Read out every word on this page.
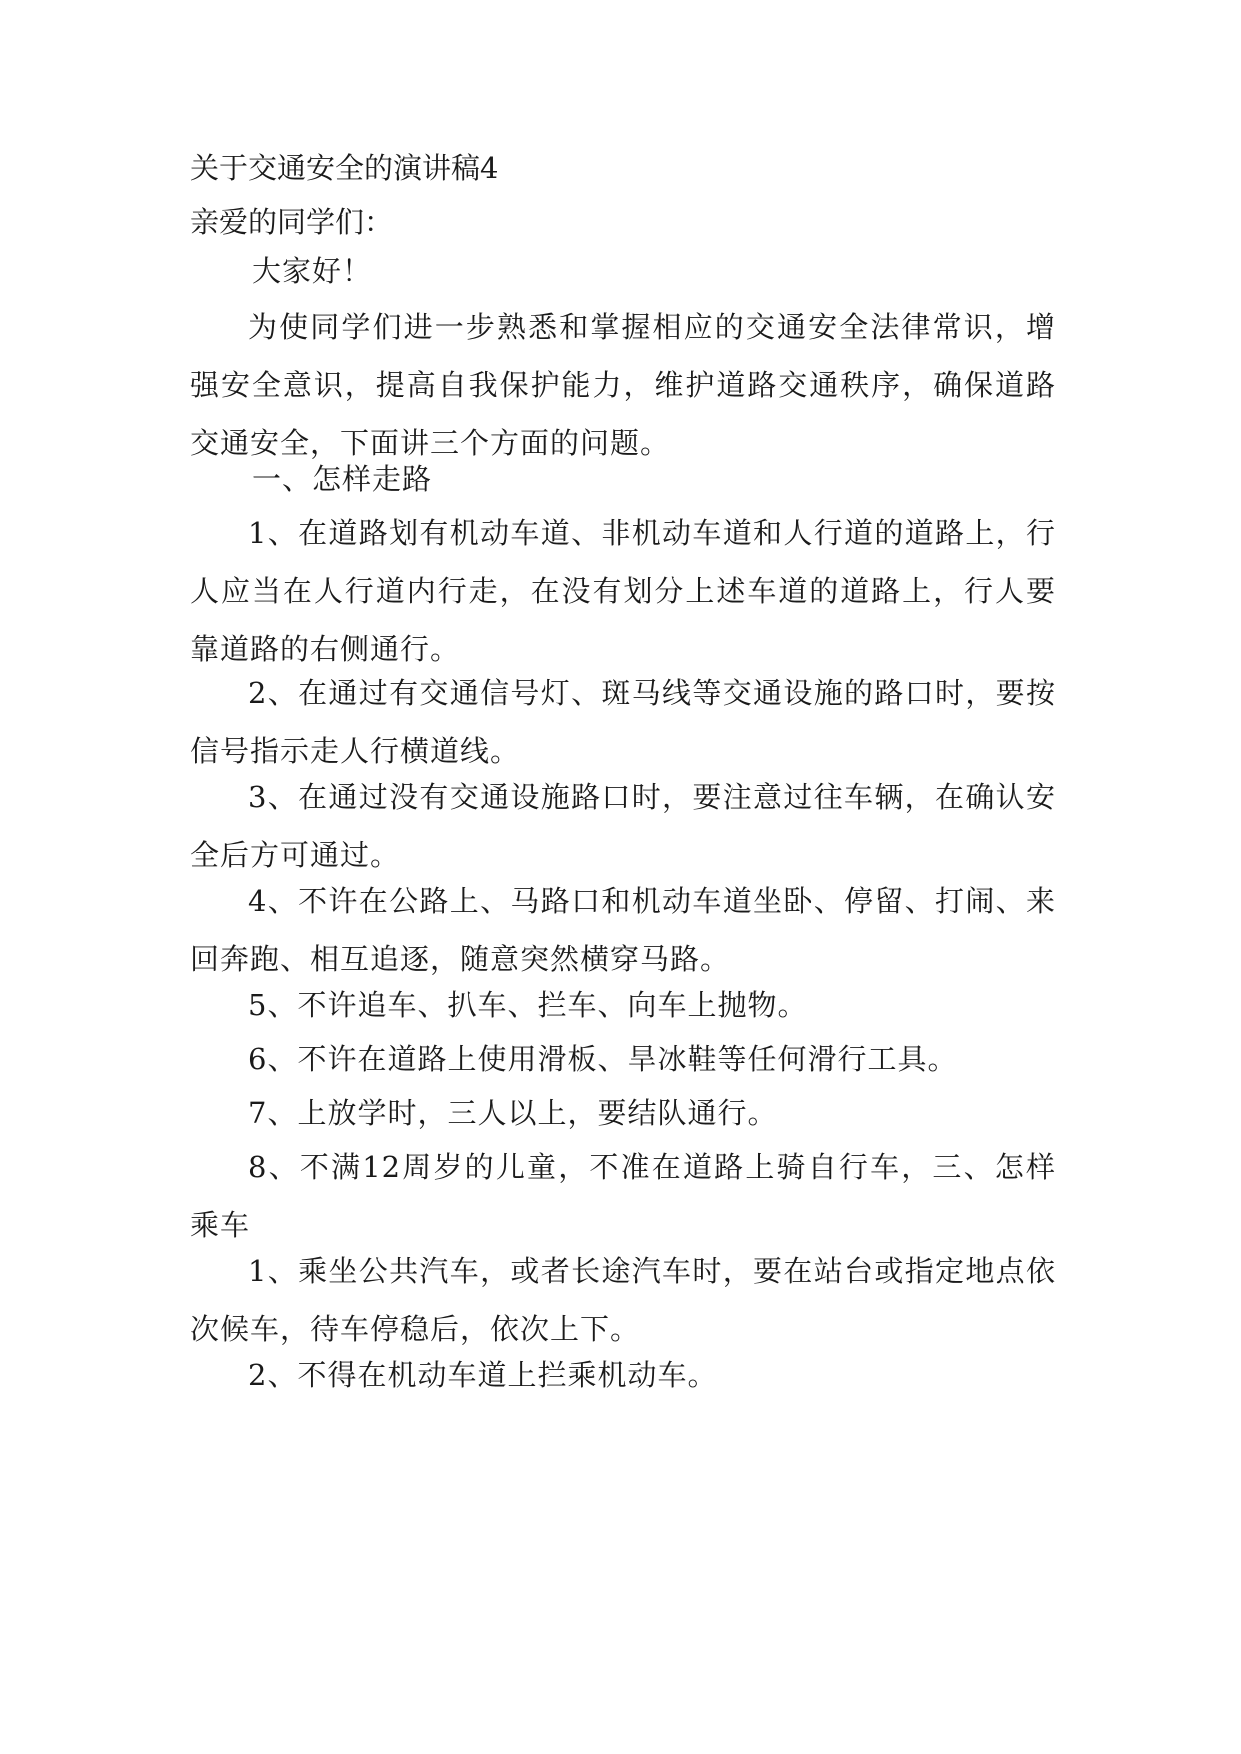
关于交通安全的演讲稿4
亲爱的同学们：
大家好！
为使同学们进一步熟悉和掌握相应的交通安全法律常识，增强安全意识，提高自我保护能力，维护道路交通秩序，确保道路交通安全，下面讲三个方面的问题。
一、怎样走路
1、在道路划有机动车道、非机动车道和人行道的道路上，行人应当在人行道内行走，在没有划分上述车道的道路上，行人要靠道路的右侧通行。
2、在通过有交通信号灯、斑马线等交通设施的路口时，要按信号指示走人行横道线。
3、在通过没有交通设施路口时，要注意过往车辆，在确认安全后方可通过。
4、不许在公路上、马路口和机动车道坐卧、停留、打闹、来回奔跑、相互追逐，随意突然横穿马路。
5、不许追车、扒车、拦车、向车上抛物。
6、不许在道路上使用滑板、旱冰鞋等任何滑行工具。
7、上放学时，三人以上，要结队通行。
8、不满12周岁的儿童，不准在道路上骑自行车，三、怎样乘车
1、乘坐公共汽车，或者长途汽车时，要在站台或指定地点依次候车，待车停稳后，依次上下。
2、不得在机动车道上拦乘机动车。
